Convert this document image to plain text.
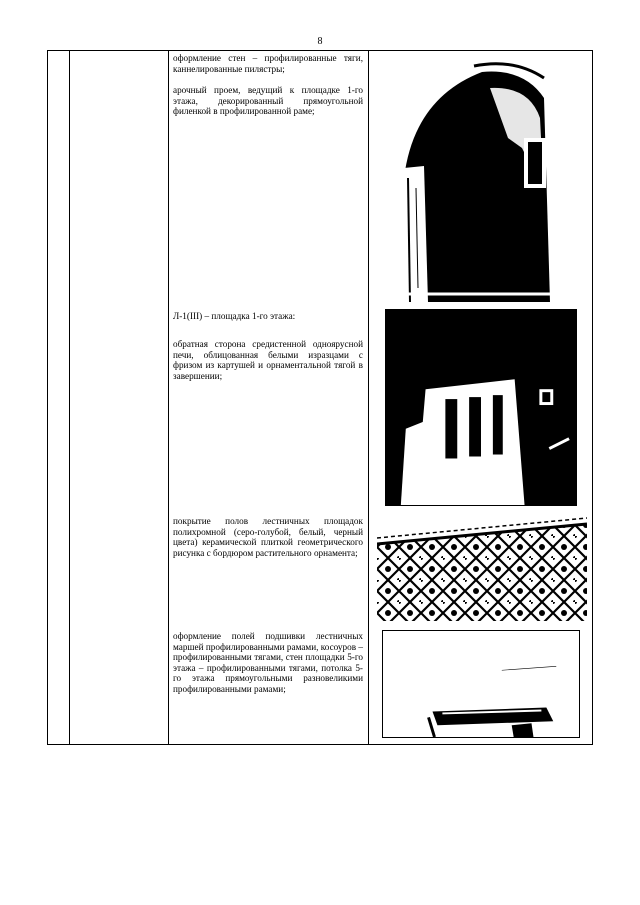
8

оформление стен – профилированные тяги, каннелированные пилястры;

арочный проем, ведущий к площадке 1-го этажа, декорированный прямоугольной филенкой в профилированной раме;

Л-1(III) – площадка 1-го этажа:

обратная сторона средистенной одноярусной печи, облицованная белыми изразцами с фризом из картушей и орнаментальной тягой в завершении;

покрытие полов лестничных площадок полихромной (серо-голубой, белый, черный цвета) керамической плиткой геометрического рисунка с бордюром растительного орнамента;

оформление полей подшивки лестничных маршей профилированными рамами, косоуров – профилированными тягами, стен площадки 5-го этажа – профилированными тягами, потолка 5-го этажа прямоугольными разновеликими профилированными рамами;
